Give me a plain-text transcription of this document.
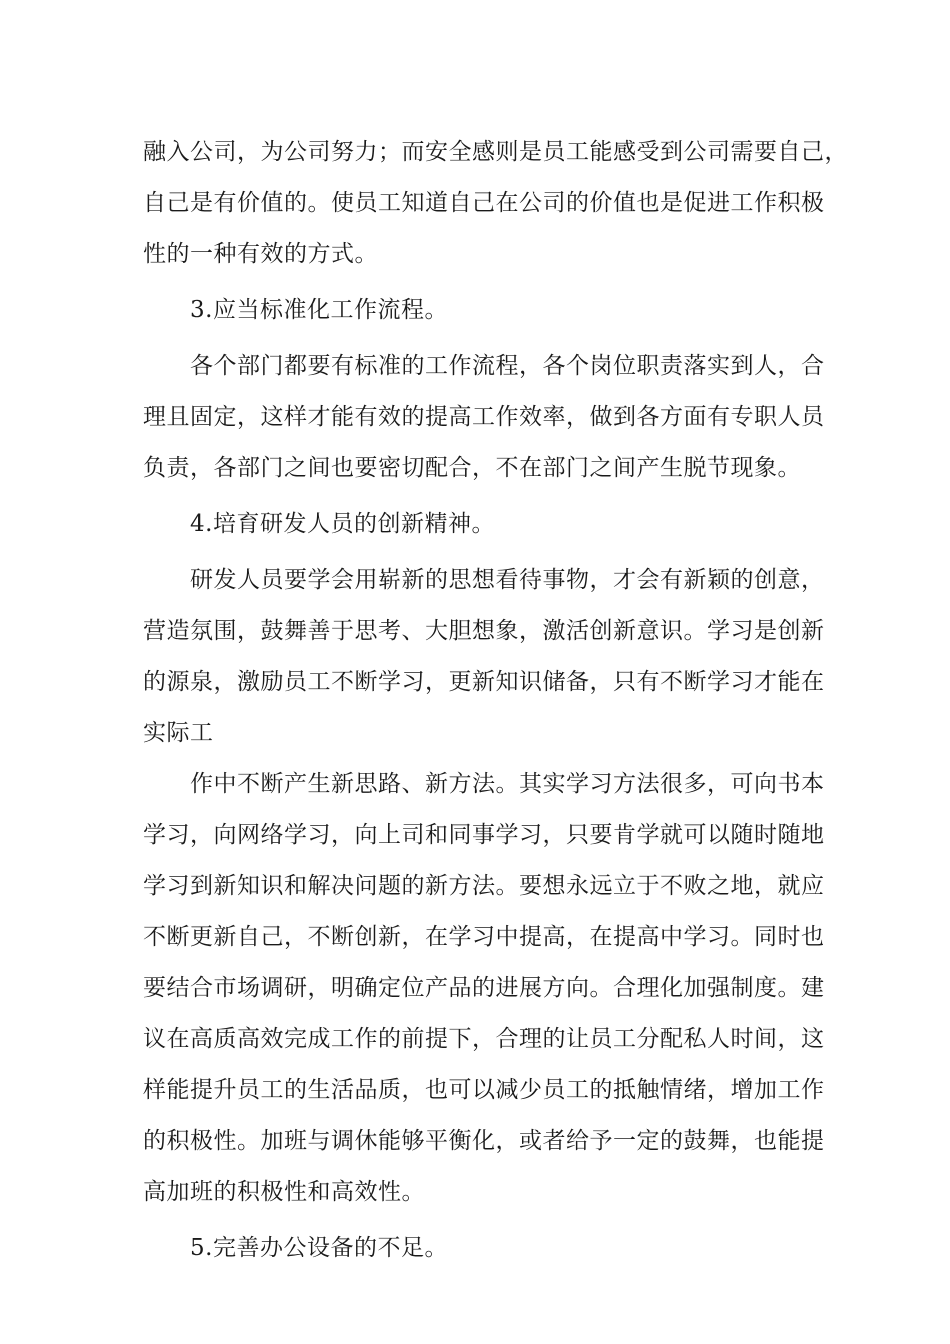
融入公司，为公司努力；而安全感则是员工能感受到公司需要自己，
自己是有价值的。使员工知道自己在公司的价值也是促进工作积极
性的一种有效的方式。

3.应当标准化工作流程。

各个部门都要有标准的工作流程，各个岗位职责落实到人，合
理且固定，这样才能有效的提高工作效率，做到各方面有专职人员
负责，各部门之间也要密切配合，不在部门之间产生脱节现象。

4.培育研发人员的创新精神。

研发人员要学会用崭新的思想看待事物，才会有新颖的创意，
营造氛围，鼓舞善于思考、大胆想象，激活创新意识。学习是创新
的源泉，激励员工不断学习，更新知识储备，只有不断学习才能在
实际工

作中不断产生新思路、新方法。其实学习方法很多，可向书本
学习，向网络学习，向上司和同事学习，只要肯学就可以随时随地
学习到新知识和解决问题的新方法。要想永远立于不败之地，就应
不断更新自己，不断创新，在学习中提高，在提高中学习。同时也
要结合市场调研，明确定位产品的进展方向。合理化加强制度。建
议在高质高效完成工作的前提下，合理的让员工分配私人时间，这
样能提升员工的生活品质，也可以减少员工的抵触情绪，增加工作
的积极性。加班与调休能够平衡化，或者给予一定的鼓舞，也能提
高加班的积极性和高效性。

5.完善办公设备的不足。
